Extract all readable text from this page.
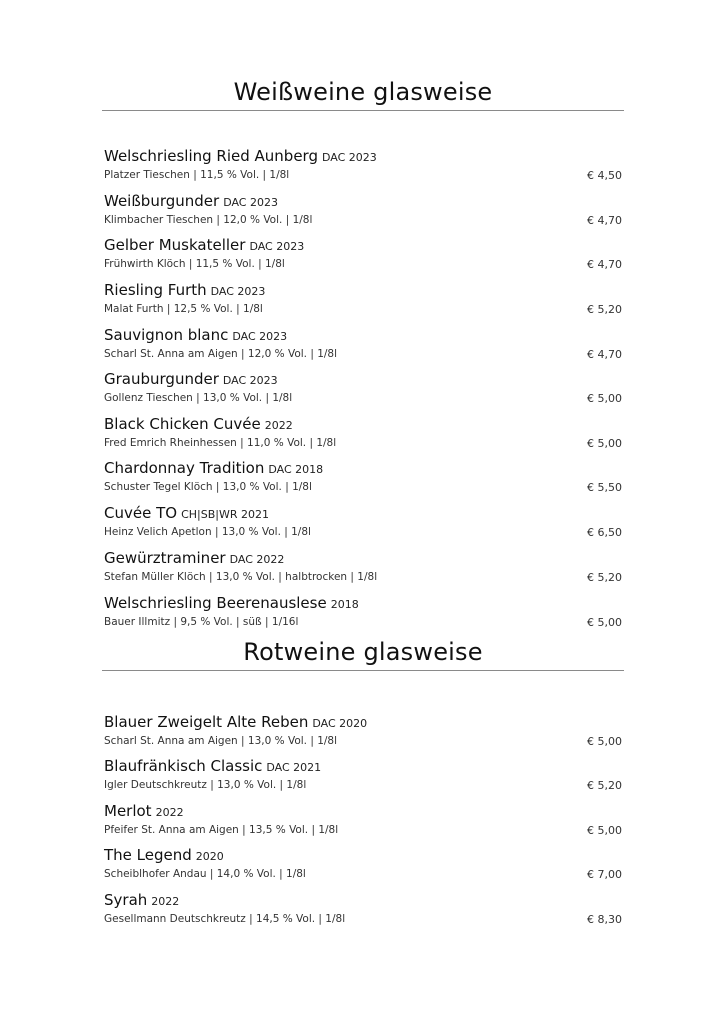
Weißweine glasweise
Welschriesling Ried Aunberg DAC 2023
Platzer Tieschen | 11,5 % Vol. | 1/8l	€ 4,50
Weißburgunder DAC 2023
Klimbacher Tieschen | 12,0 % Vol. | 1/8l	€ 4,70
Gelber Muskateller DAC 2023
Frühwirth Klöch | 11,5 % Vol. | 1/8l	€ 4,70
Riesling Furth DAC 2023
Malat Furth | 12,5 % Vol. | 1/8l	€ 5,20
Sauvignon blanc DAC 2023
Scharl St. Anna am Aigen | 12,0 % Vol. | 1/8l	€ 4,70
Grauburgunder DAC 2023
Gollenz Tieschen | 13,0 % Vol. | 1/8l	€ 5,00
Black Chicken Cuvée 2022
Fred Emrich Rheinhessen | 11,0 % Vol. | 1/8l	€ 5,00
Chardonnay Tradition DAC 2018
Schuster Tegel Klöch | 13,0 % Vol. | 1/8l	€ 5,50
Cuvée TO CH|SB|WR 2021
Heinz Velich Apetlon | 13,0 % Vol. | 1/8l	€ 6,50
Gewürztraminer DAC 2022
Stefan Müller Klöch | 13,0 % Vol. | halbtrocken | 1/8l	€ 5,20
Welschriesling Beerenauslese 2018
Bauer Illmitz | 9,5 % Vol. | süß | 1/16l	€ 5,00
Rotweine glasweise
Blauer Zweigelt Alte Reben DAC 2020
Scharl St. Anna am Aigen | 13,0 % Vol. | 1/8l	€ 5,00
Blaufränkisch Classic DAC 2021
Igler Deutschkreutz | 13,0 % Vol. | 1/8l	€ 5,20
Merlot 2022
Pfeifer St. Anna am Aigen | 13,5 % Vol. | 1/8l	€ 5,00
The Legend 2020
Scheiblhofer Andau | 14,0 % Vol. | 1/8l	€ 7,00
Syrah 2022
Gesellmann Deutschkreutz | 14,5 % Vol. | 1/8l	€ 8,30
